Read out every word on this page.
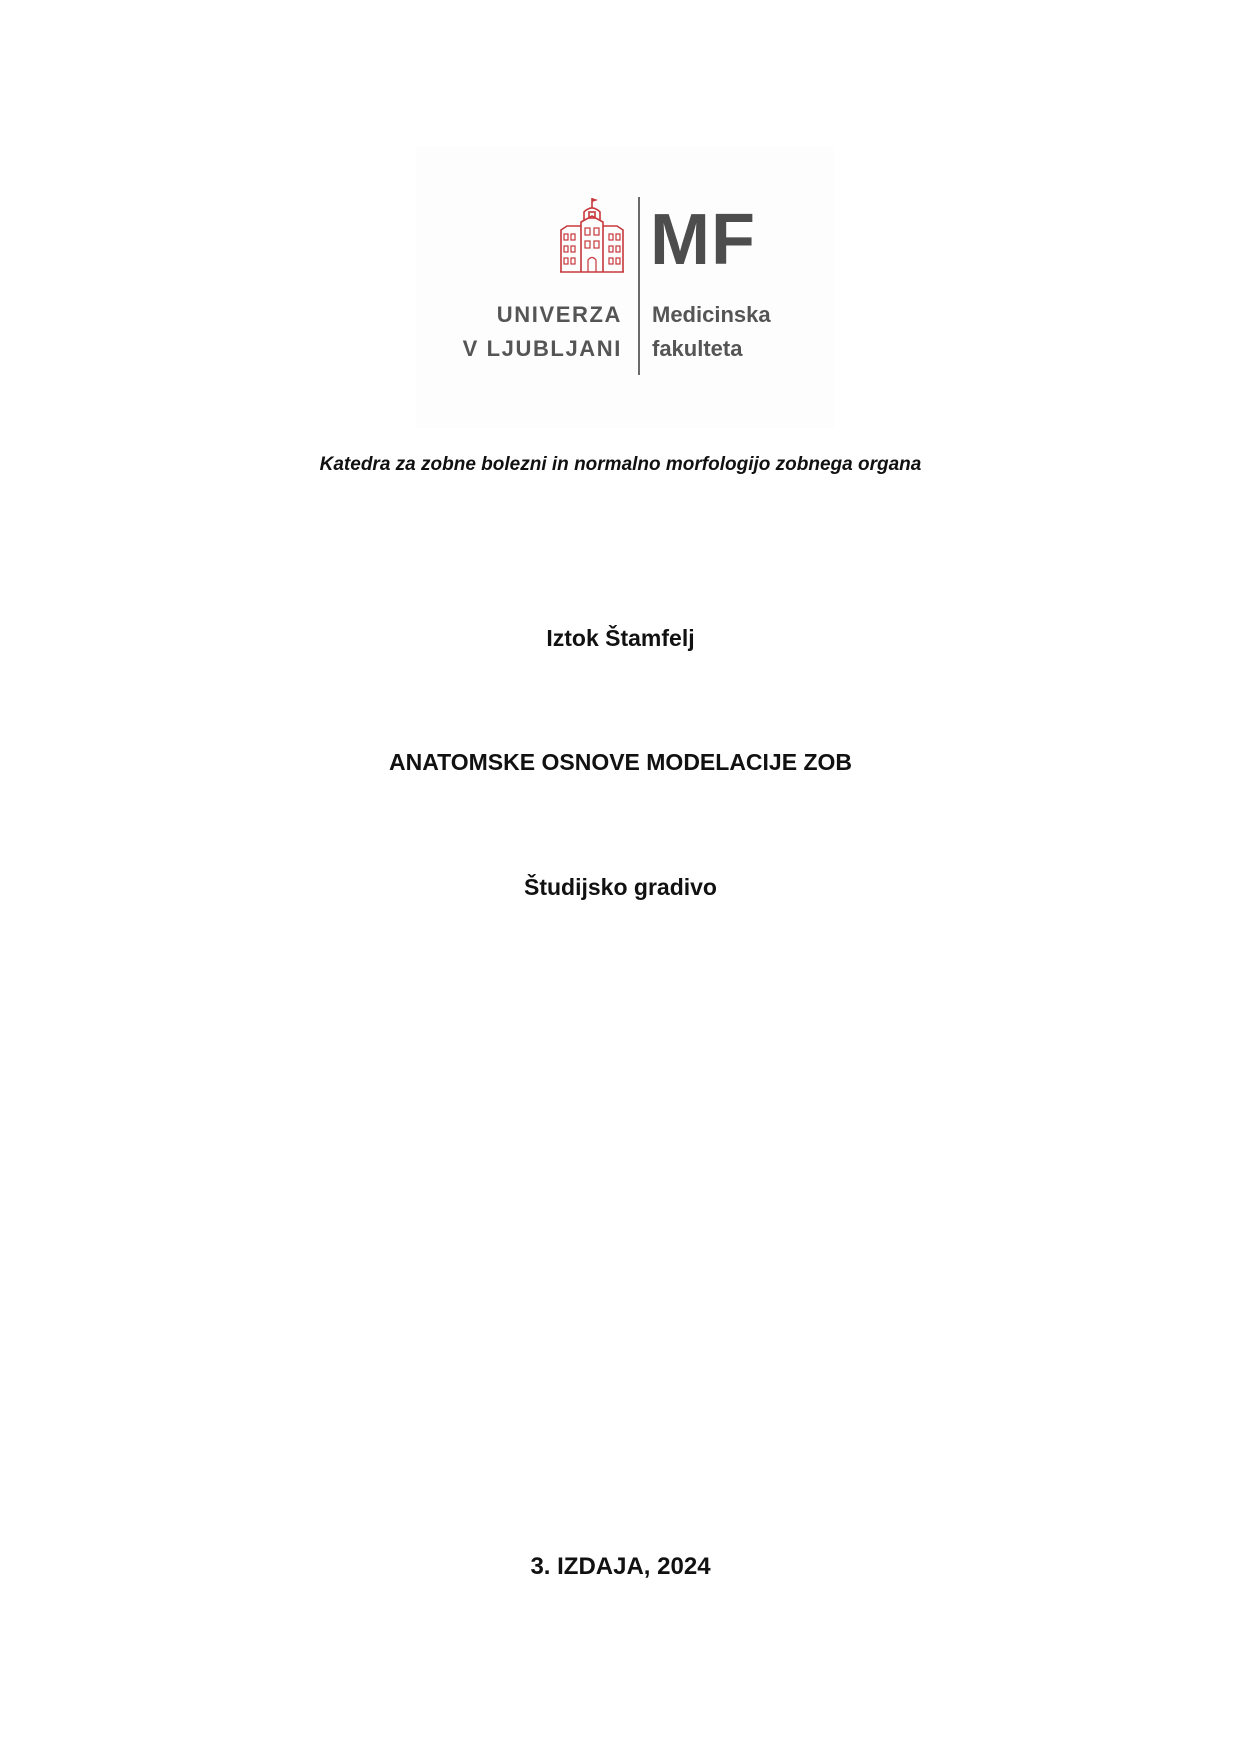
MF
UNIVERZA
V LJUBLJANI
Medicinska
fakulteta
Katedra za zobne bolezni in normalno morfologijo zobnega organa
Iztok Štamfelj
ANATOMSKE OSNOVE MODELACIJE ZOB
Študijsko gradivo
3. IZDAJA, 2024
